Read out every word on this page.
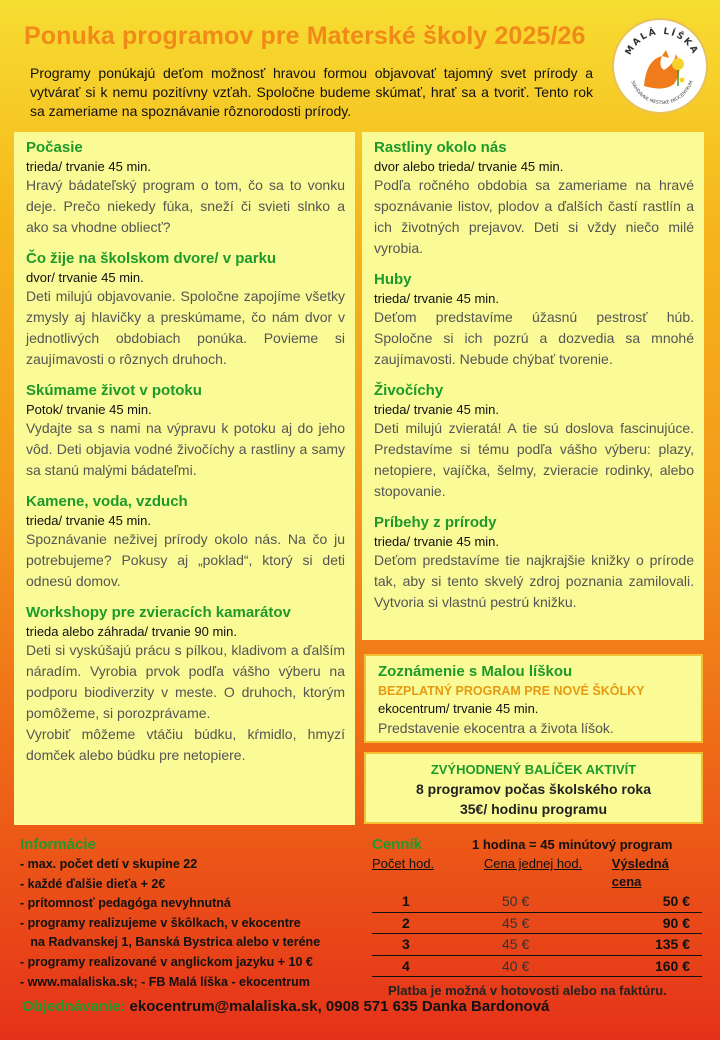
Ponuka programov pre Materské školy 2025/26	MALÁ LÍŠKA
SIAHDÁVNE MESTSKÉ EKOCENTRUM
Programy ponúkajú deťom možnosť hravou formou objavovať tajomný svet prírody a vytvárať si k nemu pozitívny vzťah. Spoločne budeme skúmať, hrať sa a tvoriť. Tento rok sa zameriame na spoznávanie rôznorodosti prírody.
Počasie
trieda/ trvanie 45 min.
Hravý bádateľský program o tom, čo sa to vonku deje. Prečo niekedy fúka, sneží či svieti slnko a ako sa vhodne obliecť?
Čo žije na školskom dvore/ v parku
dvor/ trvanie 45 min.
Deti milujú objavovanie. Spoločne zapojíme všetky zmysly aj hlavičky a preskúmame, čo nám dvor v jednotlivých obdobiach ponúka. Povieme si zaujímavosti o rôznych druhoch.
Skúmame život v potoku
Potok/ trvanie 45 min.
Vydajte sa s nami na výpravu k potoku aj do jeho vôd. Deti objavia vodné živočíchy a rastliny a samy sa stanú malými bádateľmi.
Kamene, voda, vzduch
trieda/ trvanie 45 min.
Spoznávanie neživej prírody okolo nás. Na čo ju potrebujeme? Pokusy aj „poklad“, ktorý si deti odnesú domov.
Workshopy pre zvieracích kamarátov
trieda alebo záhrada/ trvanie 90 min.
Deti si vyskúšajú prácu s pílkou, kladivom a ďalším náradím. Vyrobia prvok podľa vášho výberu na podporu biodiverzity v meste. O druhoch, ktorým pomôžeme, si porozprávame.
Vyrobiť môžeme vtáčiu búdku, kŕmidlo, hmyzí domček alebo búdku pre netopiere.
Rastliny okolo nás
dvor alebo trieda/ trvanie 45 min.
Podľa ročného obdobia sa zameriame na hravé spoznávanie listov, plodov a ďalších častí rastlín a ich životných prejavov. Deti si vždy niečo milé vyrobia.
Huby
trieda/ trvanie 45 min.
Deťom predstavíme úžasnú pestrosť húb. Spoločne si ich pozrú a dozvedia sa mnohé zaujímavosti. Nebude chýbať tvorenie.
Živočíchy
trieda/ trvanie 45 min.
Deti milujú zvieratá! A tie sú doslova fascinujúce. Predstavíme si tému podľa vášho výberu: plazy, netopiere, vajíčka, šelmy, zvieracie rodinky, alebo stopovanie.
Príbehy z prírody
trieda/ trvanie 45 min.
Deťom predstavíme tie najkrajšie knižky o prírode tak, aby si tento skvelý zdroj poznania zamilovali. Vytvoria si vlastnú pestrú knižku.
Zoznámenie s Malou líškou
BEZPLATNÝ PROGRAM PRE NOVÉ ŠKÔLKY
ekocentrum/ trvanie 45 min.
Predstavenie ekocentra a života líšok.
ZVÝHODNENÝ BALÍČEK AKTIVÍT
8 programov počas školského roka
35€/ hodinu programu
Informácie
- max. počet detí v skupine 22
- každé ďalšie dieťa + 2€
- prítomnosť pedagóga nevyhnutná
- programy realizujeme v škôlkach, v ekocentre
na Radvanskej 1, Banská Bystrica alebo v teréne
- programy realizované v anglickom jazyku + 10 €
- www.malaliska.sk; - FB Malá líška - ekocentrum
Cenník	1 hodina = 45 minútový program
Počet hod.	Cena jednej hod.	Výsledná cena
1	50 €	50 €
2	45 €	90 €
3	45 €	135 €
4	40 €	160 €
Platba je možná v hotovosti alebo na faktúru.
Objednávanie: ekocentrum@malaliska.sk, 0908 571 635 Danka Bardonová
